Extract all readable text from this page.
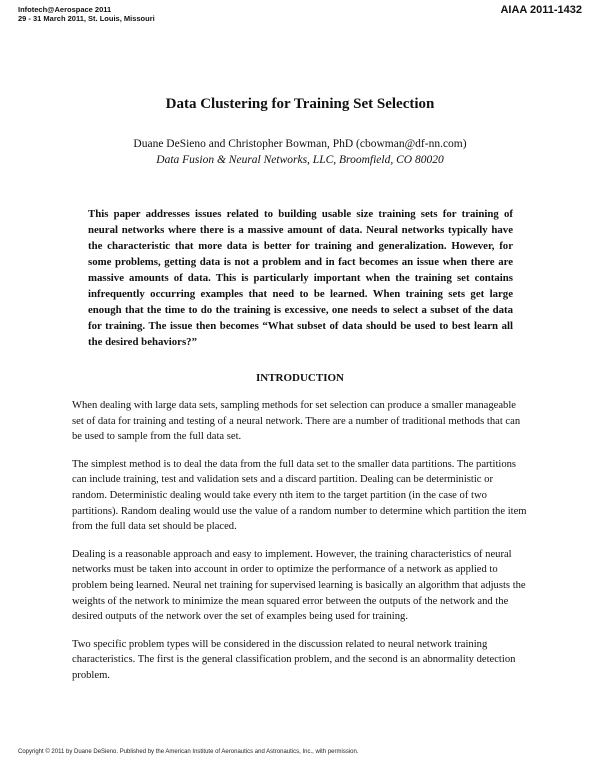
Infotech@Aerospace 2011
29 - 31 March 2011, St. Louis, Missouri
AIAA 2011-1432
Data Clustering for Training Set Selection
Duane DeSieno and Christopher Bowman, PhD (cbowman@df-nn.com)
Data Fusion & Neural Networks, LLC, Broomfield, CO 80020

This paper addresses issues related to building usable size training sets for training of neural networks where there is a massive amount of data. Neural networks typically have the characteristic that more data is better for training and generalization. However, for some problems, getting data is not a problem and in fact becomes an issue when there are massive amounts of data. This is particularly important when the training set contains infrequently occurring examples that need to be learned. When training sets get large enough that the time to do the training is excessive, one needs to select a subset of the data for training. The issue then becomes “What subset of data should be used to best learn all the desired behaviors?”

INTRODUCTION

When dealing with large data sets, sampling methods for set selection can produce a smaller manageable set of data for training and testing of a neural network. There are a number of traditional methods that can be used to sample from the full data set.

The simplest method is to deal the data from the full data set to the smaller data partitions. The partitions can include training, test and validation sets and a discard partition. Dealing can be deterministic or random. Deterministic dealing would take every nth item to the target partition (in the case of two partitions). Random dealing would use the value of a random number to determine which partition the item from the full data set should be placed.

Dealing is a reasonable approach and easy to implement. However, the training characteristics of neural networks must be taken into account in order to optimize the performance of a network as applied to problem being learned. Neural net training for supervised learning is basically an algorithm that adjusts the weights of the network to minimize the mean squared error between the outputs of the network and the desired outputs of the network over the set of examples being used for training.

Two specific problem types will be considered in the discussion related to neural network training characteristics. The first is the general classification problem, and the second is an abnormality detection problem.

Copyright © 2011 by Duane DeSieno. Published by the American Institute of Aeronautics and Astronautics, Inc., with permission.
